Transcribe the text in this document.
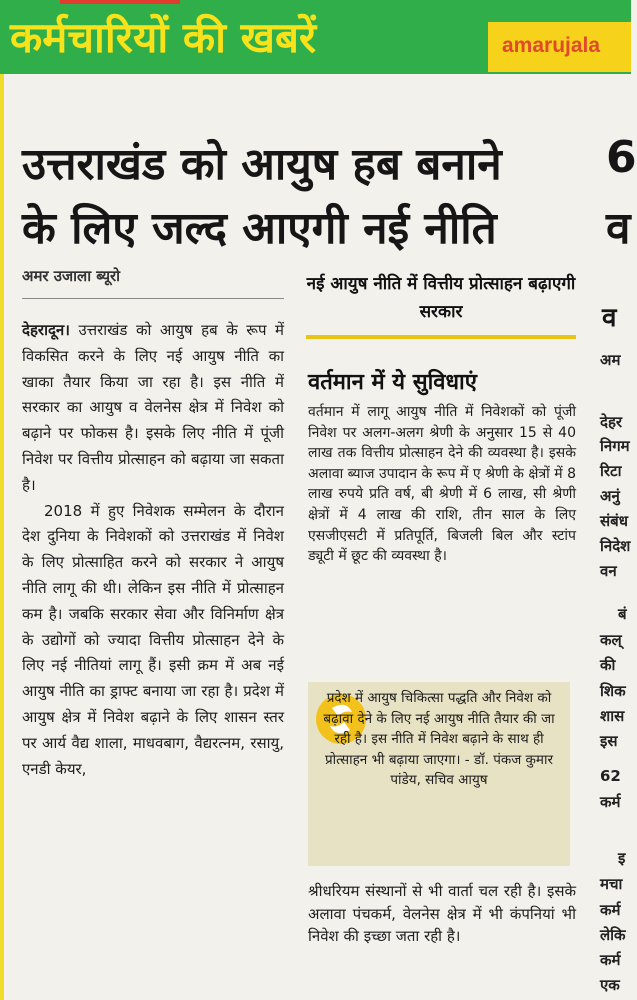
कर्मचारियों की खबरें	amarujala
उत्तराखंड को आयुष हब बनाने
के लिए जल्द आएगी नई नीति
अमर उजाला ब्यूरो

देहरादून। उत्तराखंड को आयुष हब के रूप में विकसित करने के लिए नई आयुष नीति का खाका तैयार किया जा रहा है। इस नीति में सरकार का आयुष व वेलनेस क्षेत्र में निवेश को बढ़ाने पर फोकस है। इसके लिए नीति में पूंजी निवेश पर वित्तीय प्रोत्साहन को बढ़ाया जा सकता है।

2018 में हुए निवेशक सम्मेलन के दौरान देश दुनिया के निवेशकों को उत्तराखंड में निवेश के लिए प्रोत्साहित करने को सरकार ने आयुष नीति लागू की थी। लेकिन इस नीति में प्रोत्साहन कम है। जबकि सरकार सेवा और विनिर्माण क्षेत्र के उद्योगों को ज्यादा वित्तीय प्रोत्साहन देने के लिए नई नीतियां लागू हैं। इसी क्रम में अब नई आयुष नीति का ड्राफ्ट बनाया जा रहा है। प्रदेश में आयुष क्षेत्र में निवेश बढ़ाने के लिए शासन स्तर पर आर्य वैद्य शाला, माधवबाग, वैद्यरत्नम, रसायु, एनडी केयर,

नई आयुष नीति में वित्तीय प्रोत्साहन बढ़ाएगी सरकार
वर्तमान में ये सुविधाएं
वर्तमान में लागू आयुष नीति में निवेशकों को पूंजी निवेश पर अलग-अलग श्रेणी के अनुसार 15 से 40 लाख तक वित्तीय प्रोत्साहन देने की व्यवस्था है। इसके अलावा ब्याज उपादान के रूप में ए श्रेणी के क्षेत्रों में 8 लाख रुपये प्रति वर्ष, बी श्रेणी में 6 लाख, सी श्रेणी क्षेत्रों में 4 लाख की राशि, तीन साल के लिए एसजीएसटी में प्रतिपूर्ति, बिजली बिल और स्टांप ड्यूटी में छूट की व्यवस्था है।
प्रदेश में आयुष चिकित्सा पद्धति और निवेश को बढ़ावा देने के लिए नई आयुष नीति तैयार की जा रही है। इस नीति में निवेश बढ़ाने के साथ ही प्रोत्साहन भी बढ़ाया जाएगा। - डॉ. पंकज कुमार पांडेय, सचिव आयुष
श्रीधरियम संस्थानों से भी वार्ता चल रही है। इसके अलावा पंचकर्म, वेलनेस क्षेत्र में भी कंपनियां भी निवेश की इच्छा जता रही है।
6
व
व
अम
देहर
निगम
रिटा
अनुं
संबंध
निदेश
वन
बं
कल्
की
शिक
शास
इस
62
कर्म
इ
मचा
कर्म
लेकि
कर्म
एक
